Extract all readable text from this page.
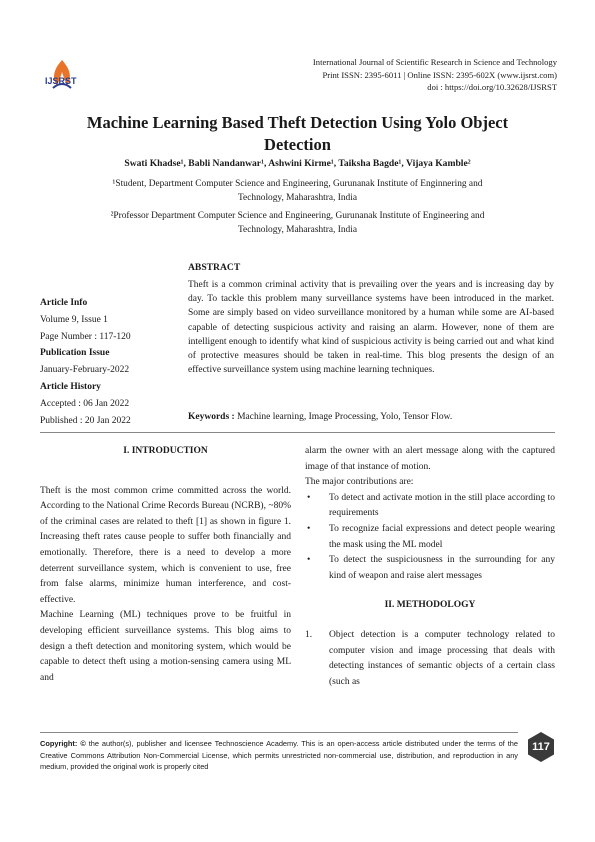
IJSRST
International Journal of Scientific Research in Science and Technology
Print ISSN: 2395-6011 | Online ISSN: 2395-602X (www.ijsrst.com)
doi : https://doi.org/10.32628/IJSRST
Machine Learning Based Theft Detection Using Yolo Object
Detection
Swati Khadse¹, Babli Nandanwar¹, Ashwini Kirme¹, Taiksha Bagde¹, Vijaya Kamble²
¹Student, Department Computer Science and Engineering, Gurunanak Institute of Enginnering and
Technology, Maharashtra, India
²Professor Department Computer Science and Engineering, Gurunanak Institute of Engineering and
Technology, Maharashtra, India
ABSTRACT
Theft is a common criminal activity that is prevailing over the years and is increasing day by day. To tackle this problem many surveillance systems have been introduced in the market. Some are simply based on video surveillance monitored by a human while some are AI-based capable of detecting suspicious activity and raising an alarm. However, none of them are intelligent enough to identify what kind of suspicious activity is being carried out and what kind of protective measures should be taken in real-time. This blog presents the design of an effective surveillance system using machine learning techniques.
Keywords : Machine learning, Image Processing, Yolo, Tensor Flow.
Article Info
Volume 9, Issue 1
Page Number : 117-120
Publication Issue
January-February-2022
Article History
Accepted : 06 Jan 2022
Published : 20 Jan 2022
I. INTRODUCTION
Theft is the most common crime committed across the world. According to the National Crime Records Bureau (NCRB), ~80% of the criminal cases are related to theft [1] as shown in figure 1. Increasing theft rates cause people to suffer both financially and emotionally. Therefore, there is a need to develop a more deterrent surveillance system, which is convenient to use, free from false alarms, minimize human interference, and cost-effective.
Machine Learning (ML) techniques prove to be fruitful in developing efficient surveillance systems. This blog aims to design a theft detection and monitoring system, which would be capable to detect theft using a motion-sensing camera using ML and
alarm the owner with an alert message along with the captured image of that instance of motion.
The major contributions are:
• To detect and activate motion in the still place according to requirements
• To recognize facial expressions and detect people wearing the mask using the ML model
• To detect the suspiciousness in the surrounding for any kind of weapon and raise alert messages
II. METHODOLOGY
1. Object detection is a computer technology related to computer vision and image processing that deals with detecting instances of semantic objects of a certain class (such as
Copyright: © the author(s), publisher and licensee Technoscience Academy. This is an open-access article distributed under the terms of the Creative Commons Attribution Non-Commercial License, which permits unrestricted non-commercial use, distribution, and reproduction in any medium, provided the original work is properly cited
117
